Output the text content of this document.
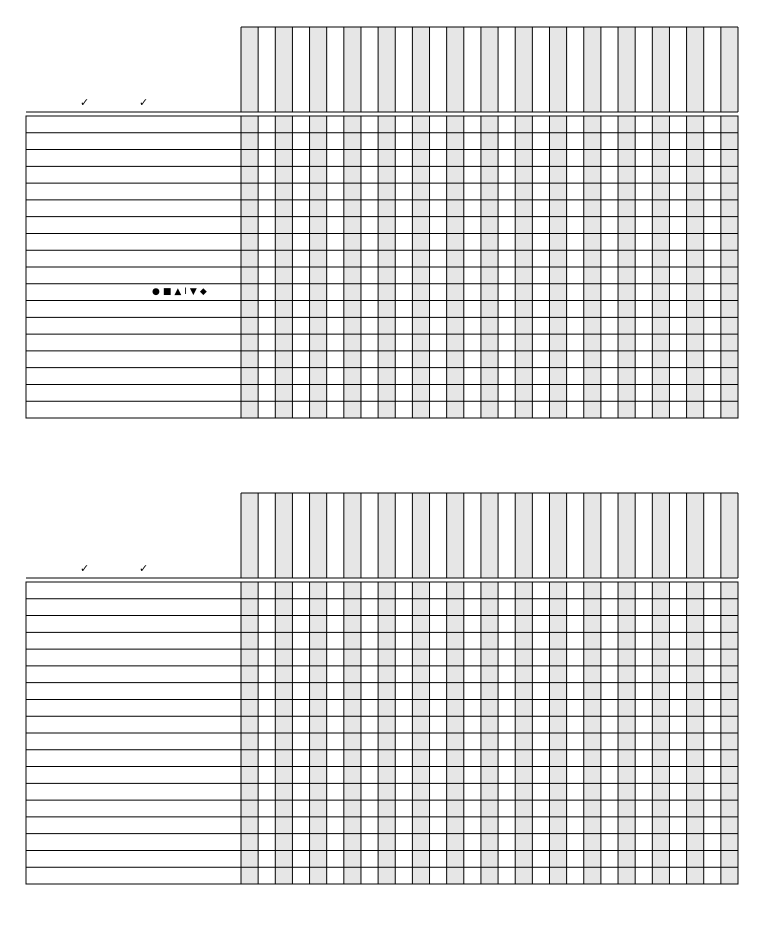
✓	✓
●■▲I▼◆
✓	✓
